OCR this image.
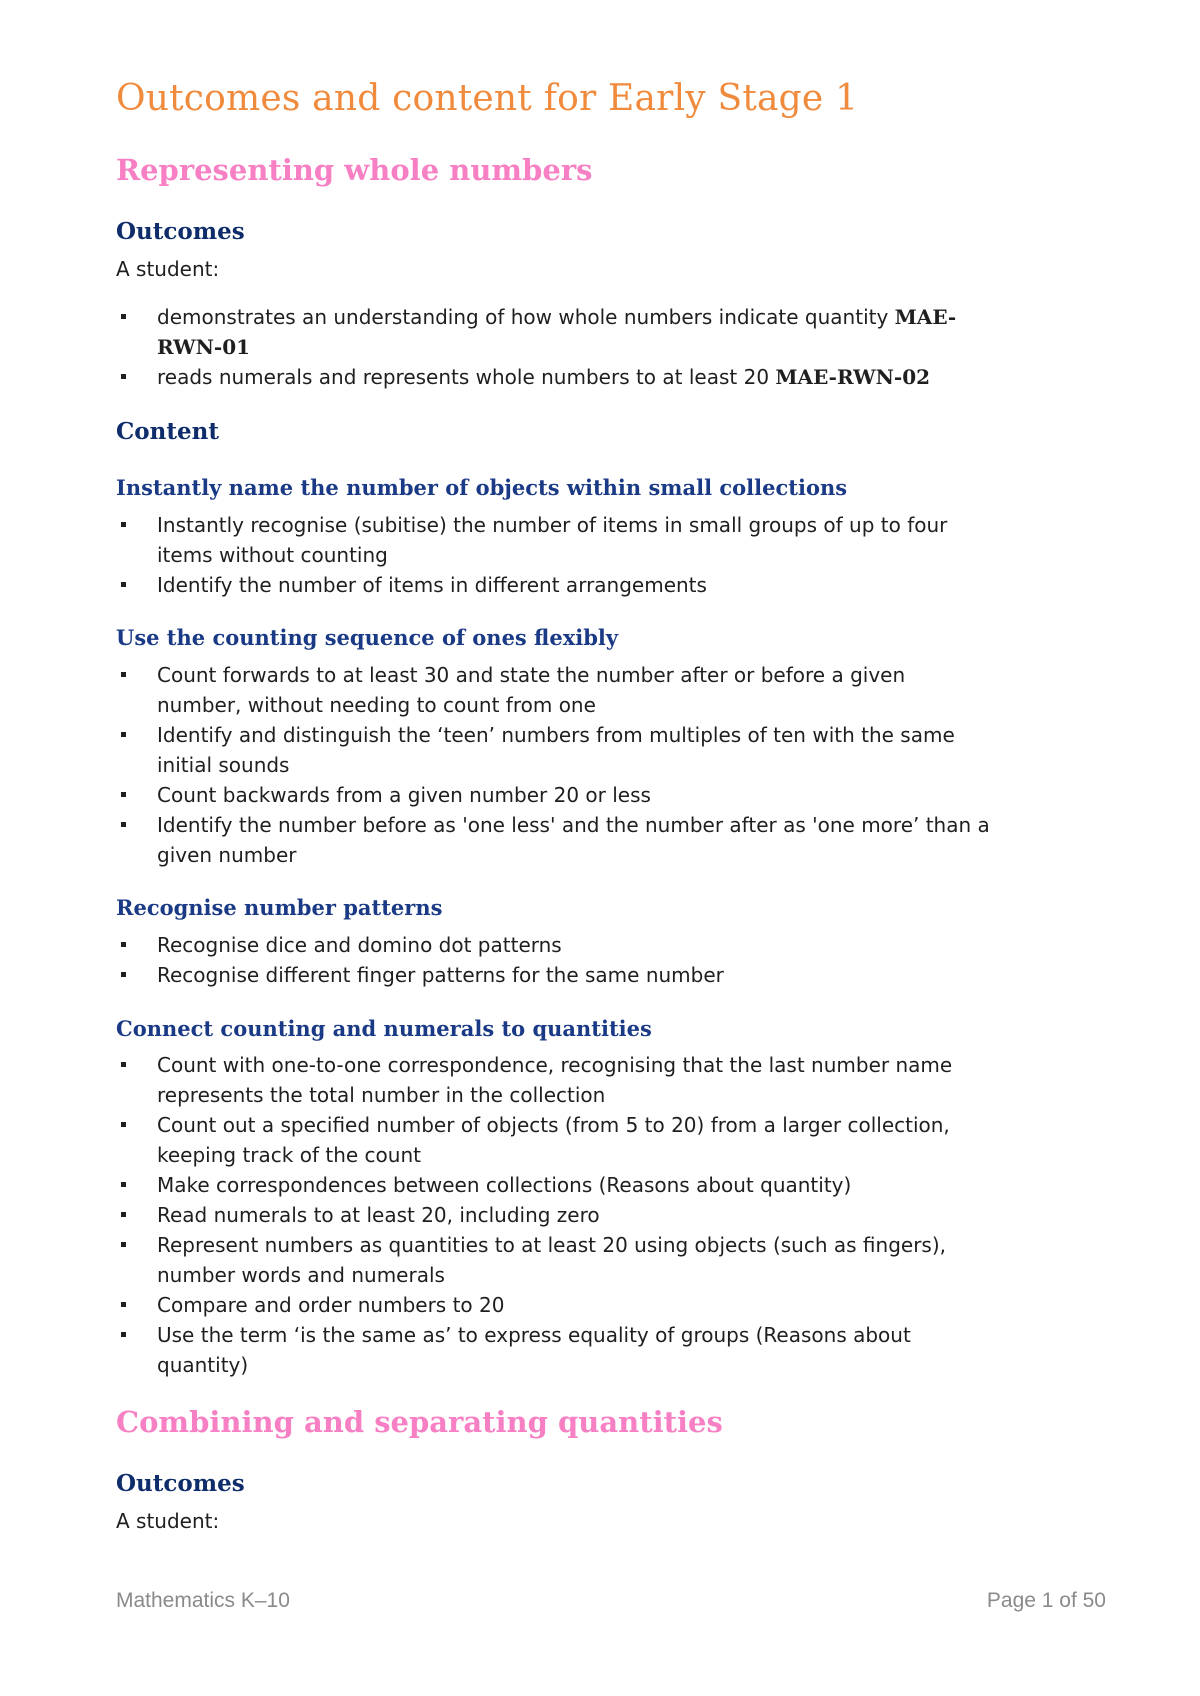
Outcomes and content for Early Stage 1
Representing whole numbers
Outcomes
A student:
demonstrates an understanding of how whole numbers indicate quantity MAE-
RWN-01
reads numerals and represents whole numbers to at least 20 MAE-RWN-02
Content
Instantly name the number of objects within small collections
Instantly recognise (subitise) the number of items in small groups of up to four
items without counting
Identify the number of items in different arrangements
Use the counting sequence of ones flexibly
Count forwards to at least 30 and state the number after or before a given
number, without needing to count from one
Identify and distinguish the ‘teen’ numbers from multiples of ten with the same
initial sounds
Count backwards from a given number 20 or less
Identify the number before as 'one less' and the number after as 'one more’ than a
given number
Recognise number patterns
Recognise dice and domino dot patterns
Recognise different finger patterns for the same number
Connect counting and numerals to quantities
Count with one-to-one correspondence, recognising that the last number name
represents the total number in the collection
Count out a specified number of objects (from 5 to 20) from a larger collection,
keeping track of the count
Make correspondences between collections (Reasons about quantity)
Read numerals to at least 20, including zero
Represent numbers as quantities to at least 20 using objects (such as fingers),
number words and numerals
Compare and order numbers to 20
Use the term ‘is the same as’ to express equality of groups (Reasons about
quantity)
Combining and separating quantities
Outcomes
A student:
Mathematics K–10	Page 1 of 50
